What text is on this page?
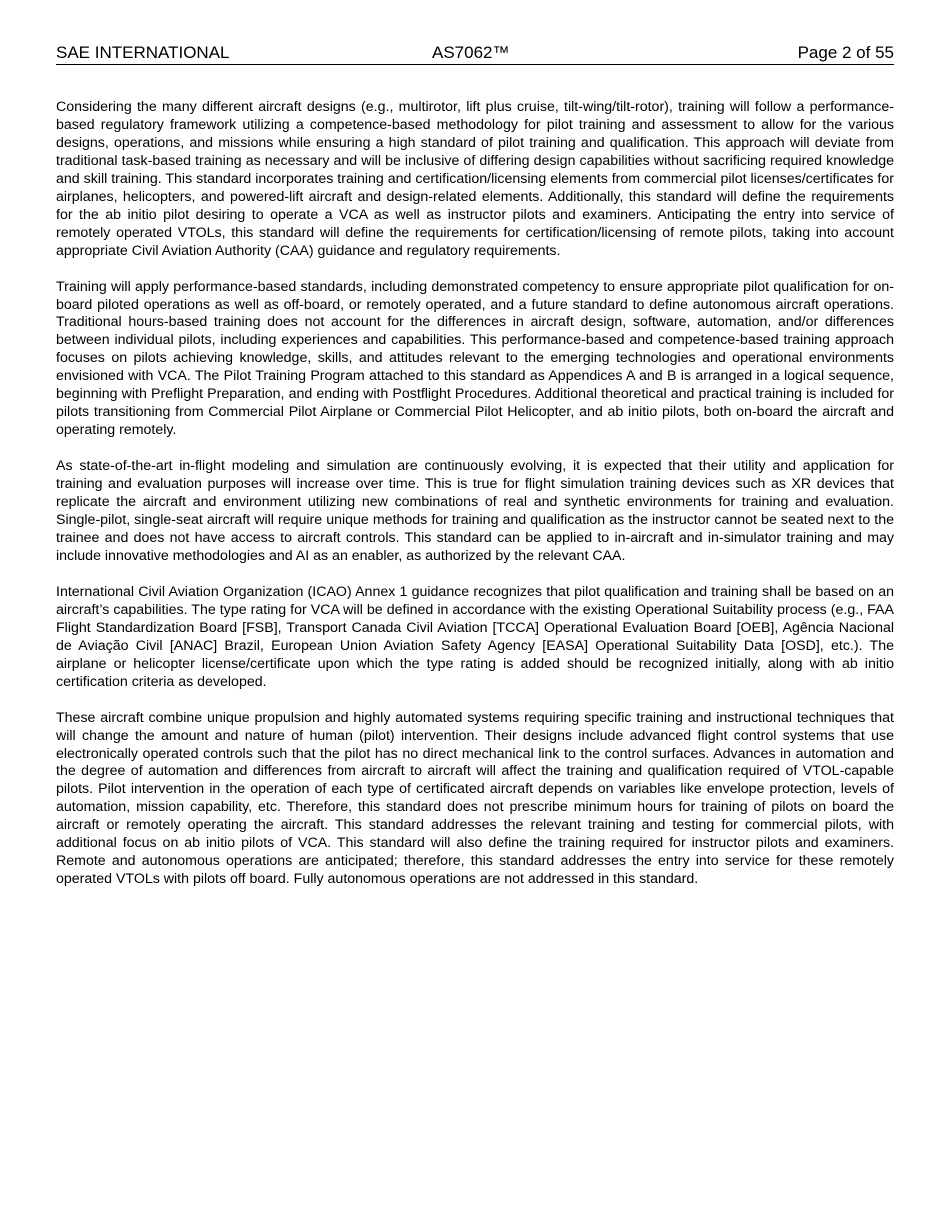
SAE INTERNATIONAL	AS7062™	Page 2 of 55

Considering the many different aircraft designs (e.g., multirotor, lift plus cruise, tilt-wing/tilt-rotor), training will follow a performance-based regulatory framework utilizing a competence-based methodology for pilot training and assessment to allow for the various designs, operations, and missions while ensuring a high standard of pilot training and qualification. This approach will deviate from traditional task-based training as necessary and will be inclusive of differing design capabilities without sacrificing required knowledge and skill training. This standard incorporates training and certification/licensing elements from commercial pilot licenses/certificates for airplanes, helicopters, and powered-lift aircraft and design-related elements. Additionally, this standard will define the requirements for the ab initio pilot desiring to operate a VCA as well as instructor pilots and examiners. Anticipating the entry into service of remotely operated VTOLs, this standard will define the requirements for certification/licensing of remote pilots, taking into account appropriate Civil Aviation Authority (CAA) guidance and regulatory requirements.

Training will apply performance-based standards, including demonstrated competency to ensure appropriate pilot qualification for on-board piloted operations as well as off-board, or remotely operated, and a future standard to define autonomous aircraft operations. Traditional hours-based training does not account for the differences in aircraft design, software, automation, and/or differences between individual pilots, including experiences and capabilities. This performance-based and competence-based training approach focuses on pilots achieving knowledge, skills, and attitudes relevant to the emerging technologies and operational environments envisioned with VCA. The Pilot Training Program attached to this standard as Appendices A and B is arranged in a logical sequence, beginning with Preflight Preparation, and ending with Postflight Procedures. Additional theoretical and practical training is included for pilots transitioning from Commercial Pilot Airplane or Commercial Pilot Helicopter, and ab initio pilots, both on-board the aircraft and operating remotely.

As state-of-the-art in-flight modeling and simulation are continuously evolving, it is expected that their utility and application for training and evaluation purposes will increase over time. This is true for flight simulation training devices such as XR devices that replicate the aircraft and environment utilizing new combinations of real and synthetic environments for training and evaluation. Single-pilot, single-seat aircraft will require unique methods for training and qualification as the instructor cannot be seated next to the trainee and does not have access to aircraft controls. This standard can be applied to in-aircraft and in-simulator training and may include innovative methodologies and AI as an enabler, as authorized by the relevant CAA.

International Civil Aviation Organization (ICAO) Annex 1 guidance recognizes that pilot qualification and training shall be based on an aircraft’s capabilities. The type rating for VCA will be defined in accordance with the existing Operational Suitability process (e.g., FAA Flight Standardization Board [FSB], Transport Canada Civil Aviation [TCCA] Operational Evaluation Board [OEB], Agência Nacional de Aviação Civil [ANAC] Brazil, European Union Aviation Safety Agency [EASA] Operational Suitability Data [OSD], etc.). The airplane or helicopter license/certificate upon which the type rating is added should be recognized initially, along with ab initio certification criteria as developed.

These aircraft combine unique propulsion and highly automated systems requiring specific training and instructional techniques that will change the amount and nature of human (pilot) intervention. Their designs include advanced flight control systems that use electronically operated controls such that the pilot has no direct mechanical link to the control surfaces. Advances in automation and the degree of automation and differences from aircraft to aircraft will affect the training and qualification required of VTOL-capable pilots. Pilot intervention in the operation of each type of certificated aircraft depends on variables like envelope protection, levels of automation, mission capability, etc. Therefore, this standard does not prescribe minimum hours for training of pilots on board the aircraft or remotely operating the aircraft. This standard addresses the relevant training and testing for commercial pilots, with additional focus on ab initio pilots of VCA. This standard will also define the training required for instructor pilots and examiners. Remote and autonomous operations are anticipated; therefore, this standard addresses the entry into service for these remotely operated VTOLs with pilots off board. Fully autonomous operations are not addressed in this standard.
